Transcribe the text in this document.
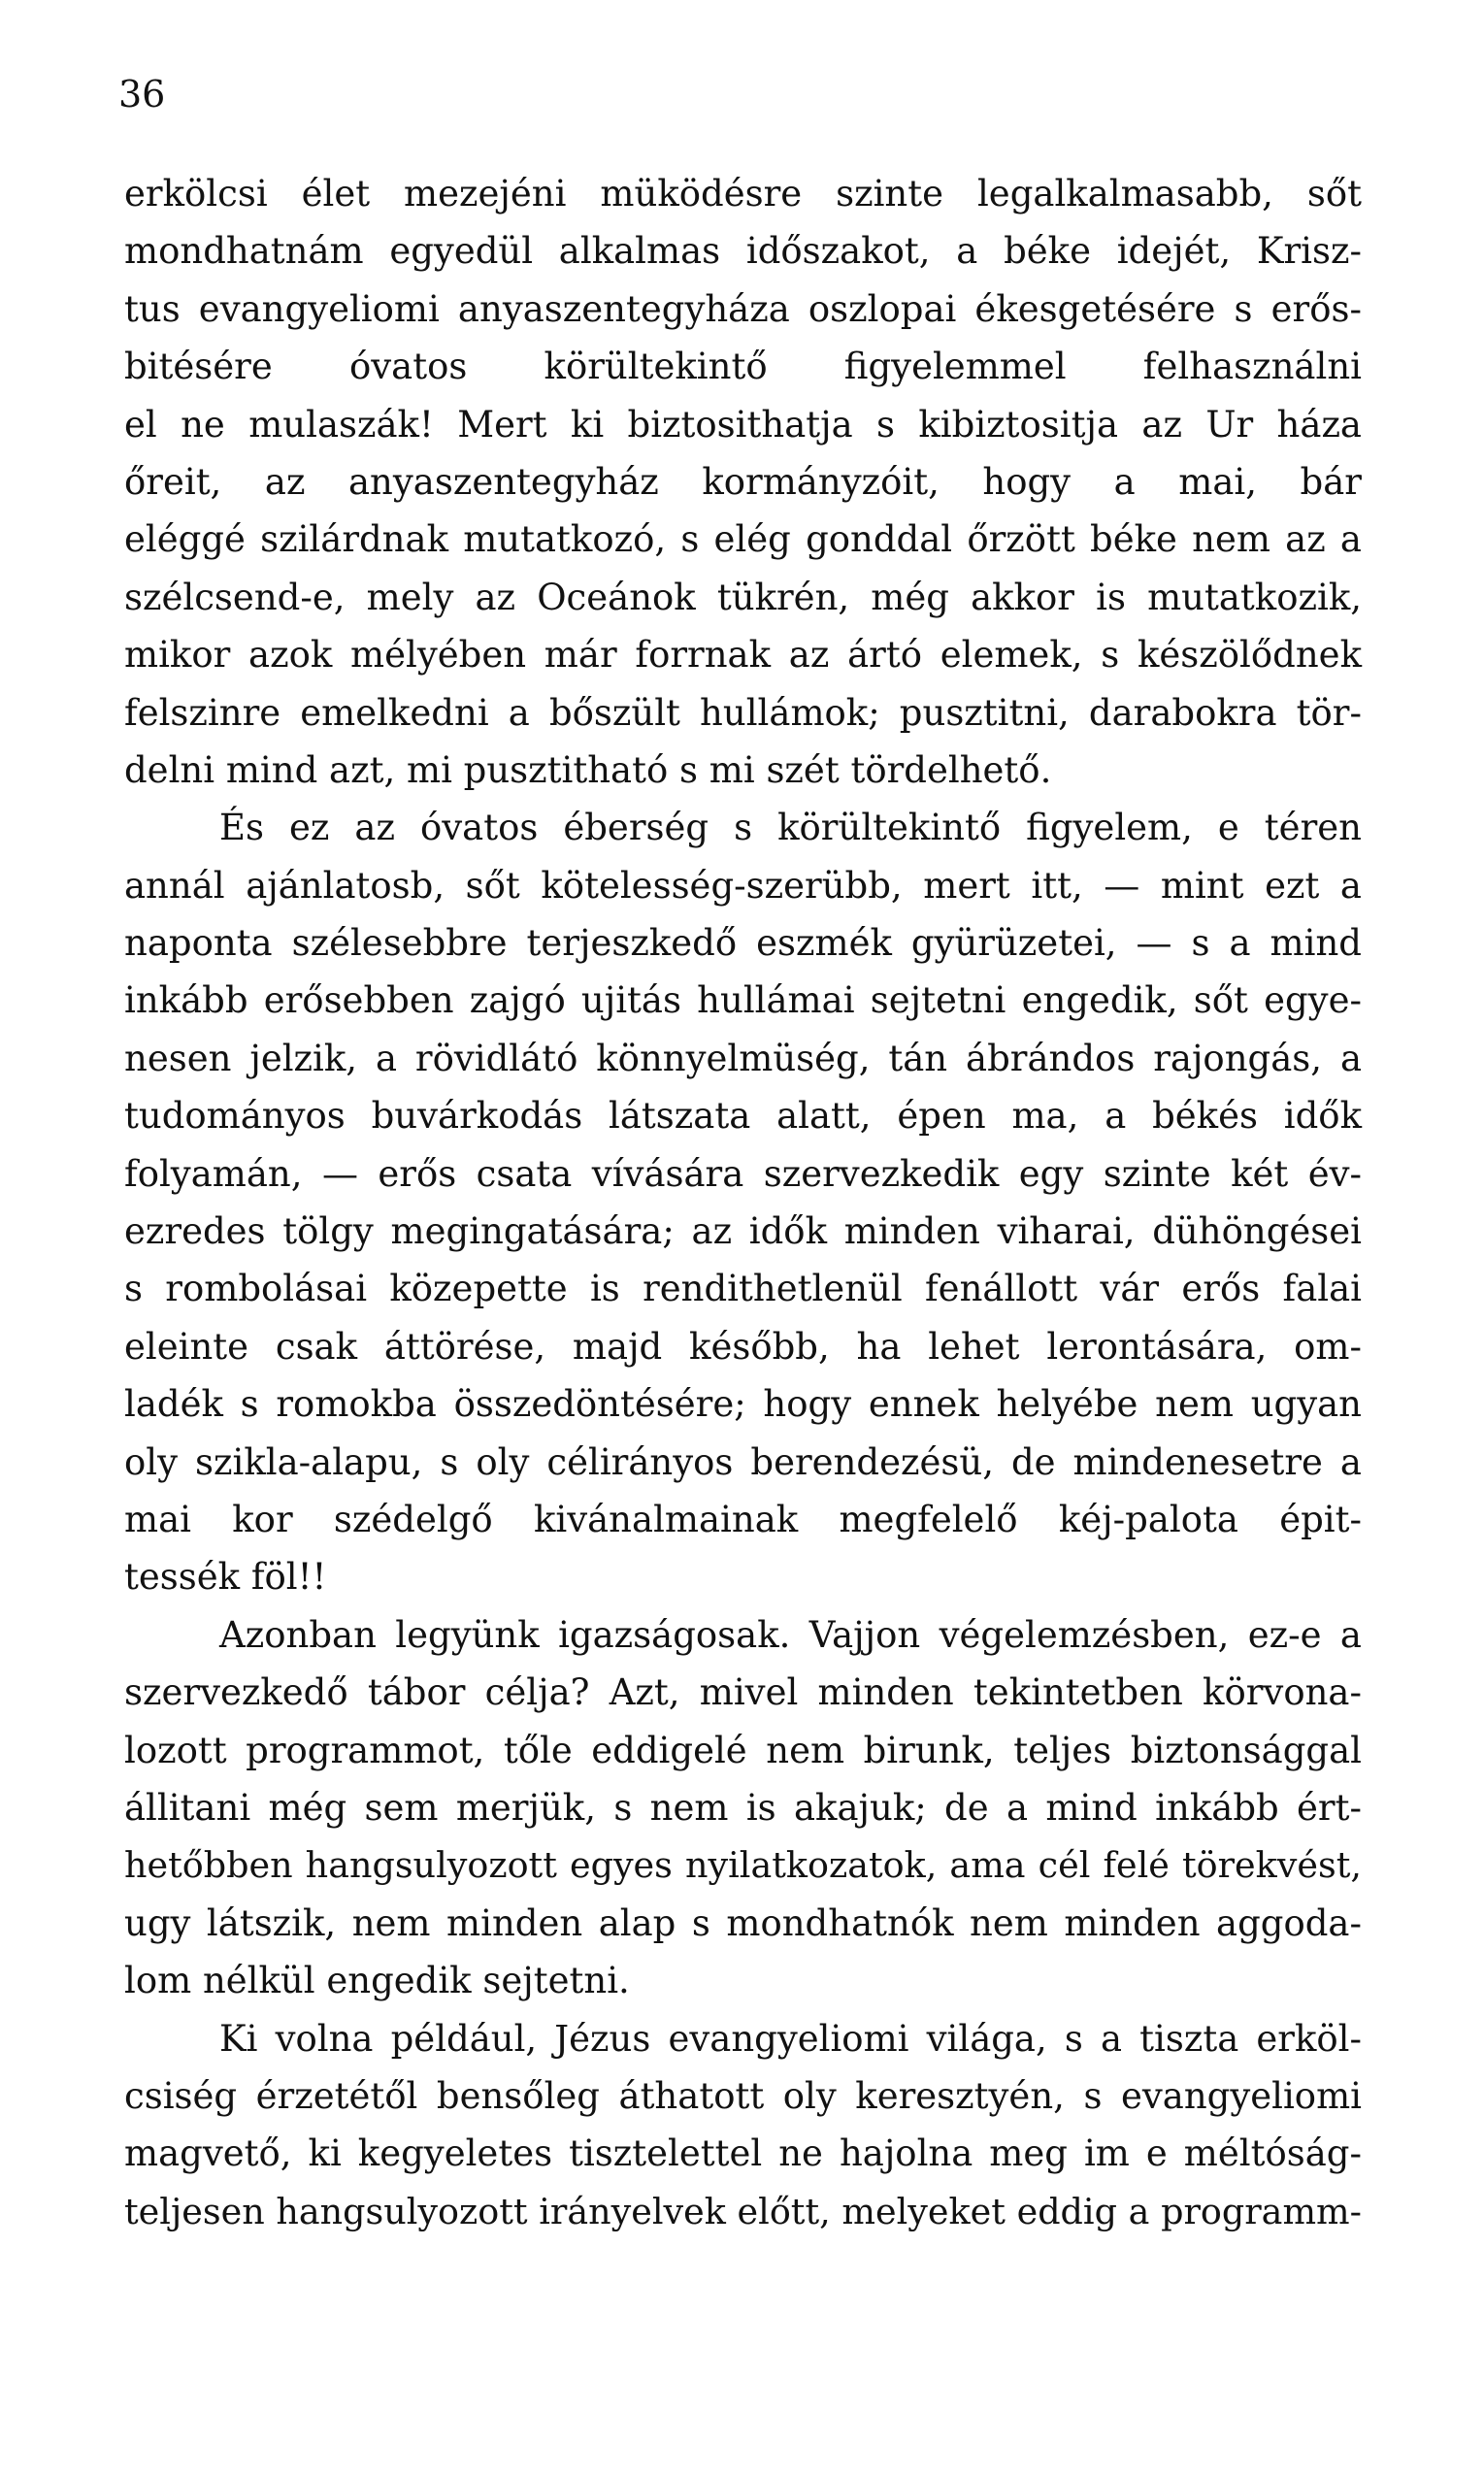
36
erkölcsi élet mezejéni müködésre szinte legalkalmasabb, sőt
mondhatnám egyedül alkalmas időszakot, a béke idejét, Krisz-
tus evangyeliomi anyaszentegyháza oszlopai ékesgetésére s erős-
bitésére óvatos körültekintő figyelemmel felhasználni
el ne mulaszák! Mert ki biztosithatja s kibiztositja az Ur háza
őreit, az anyaszentegyház kormányzóit, hogy a mai, bár
eléggé szilárdnak mutatkozó, s elég gonddal őrzött béke nem az a
szélcsend-e, mely az Oceánok tükrén, még akkor is mutatkozik,
mikor azok mélyében már forrnak az ártó elemek, s készölődnek
felszinre emelkedni a bőszült hullámok; pusztitni, darabokra tör-
delni mind azt, mi pusztitható s mi szét tördelhető.
És ez az óvatos éberség s körültekintő figyelem, e téren
annál ajánlatosb, sőt kötelesség-szerübb, mert itt, — mint ezt a
naponta szélesebbre terjeszkedő eszmék gyürüzetei, — s a mind
inkább erősebben zajgó ujitás hullámai sejtetni engedik, sőt egye-
nesen jelzik, a rövidlátó könnyelmüség, tán ábrándos rajongás, a
tudományos buvárkodás látszata alatt, épen ma, a békés idők
folyamán, — erős csata vívására szervezkedik egy szinte két év-
ezredes tölgy megingatására; az idők minden viharai, dühöngései
s rombolásai közepette is rendithetlenül fenállott vár erős falai
eleinte csak áttörése, majd később, ha lehet lerontására, om-
ladék s romokba összedöntésére; hogy ennek helyébe nem ugyan
oly szikla-alapu, s oly célirányos berendezésü, de mindenesetre a
mai kor szédelgő kivánalmainak megfelelő kéj-palota épit-
tessék föl!!
Azonban legyünk igazságosak. Vajjon végelemzésben, ez-e a
szervezkedő tábor célja? Azt, mivel minden tekintetben körvona-
lozott programmot, tőle eddigelé nem birunk, teljes biztonsággal
állitani még sem merjük, s nem is akajuk; de a mind inkább ért-
hetőbben hangsulyozott egyes nyilatkozatok, ama cél felé törekvést,
ugy látszik, nem minden alap s mondhatnók nem minden aggoda-
lom nélkül engedik sejtetni.
Ki volna például, Jézus evangyeliomi világa, s a tiszta erköl-
csiség érzetétől bensőleg áthatott oly keresztyén, s evangyeliomi
magvető, ki kegyeletes tisztelettel ne hajolna meg im e méltóság-
teljesen hangsulyozott irányelvek előtt, melyeket eddig a programm-
